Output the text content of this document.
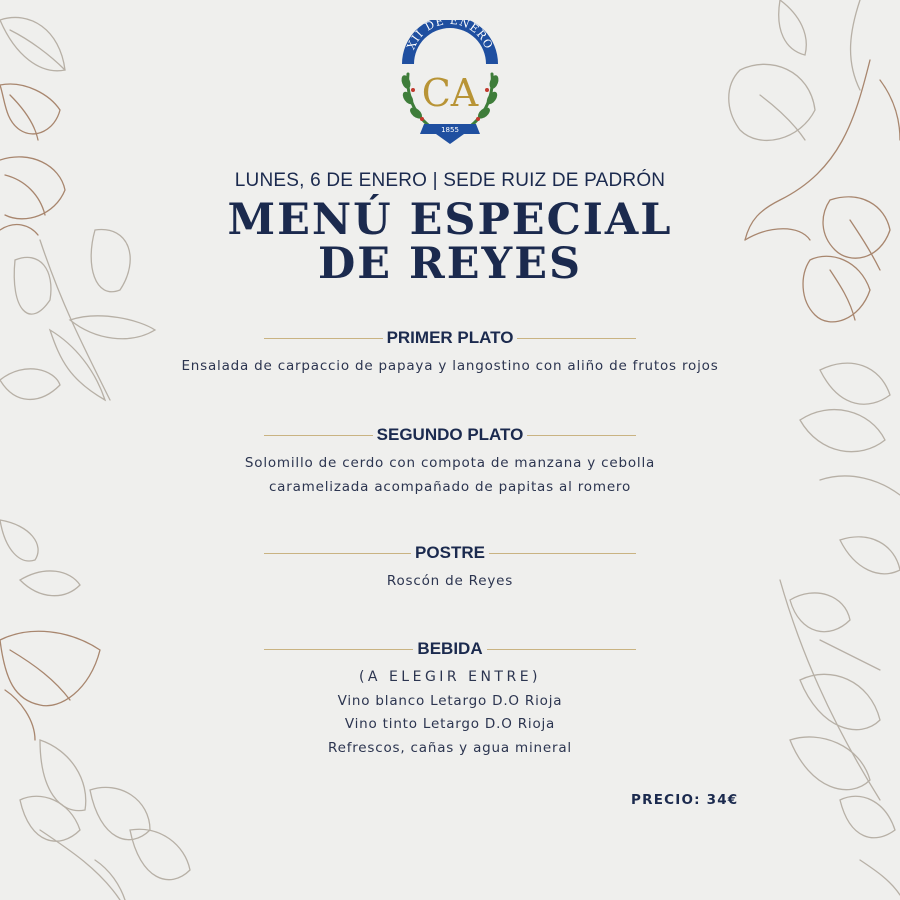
XII DE ENERO
CA
1855
LUNES, 6 DE ENERO | SEDE RUIZ DE PADRÓN
MENÚ ESPECIAL
DE REYES
PRIMER PLATO
Ensalada de carpaccio de papaya y langostino con aliño de frutos rojos
SEGUNDO PLATO
Solomillo de cerdo con compota de manzana y cebolla
caramelizada acompañado de papitas al romero
POSTRE
Roscón de Reyes
BEBIDA
(A ELEGIR ENTRE)
Vino blanco Letargo D.O Rioja
Vino tinto Letargo D.O Rioja
Refrescos, cañas y agua mineral
PRECIO: 34€
